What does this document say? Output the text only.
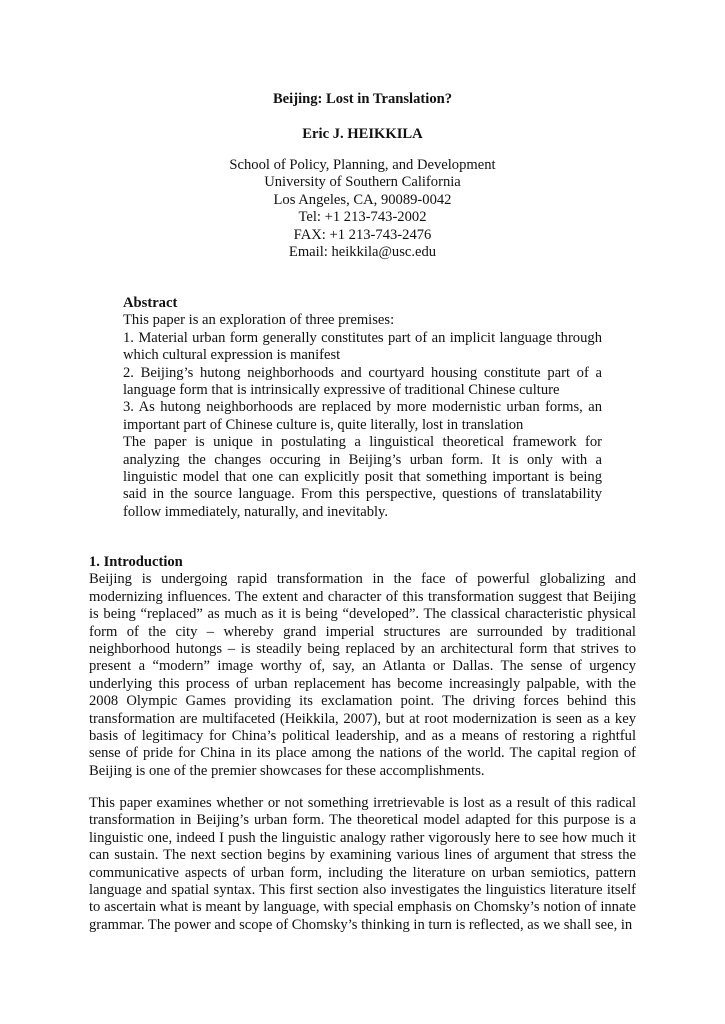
Beijing: Lost in Translation?
Eric J. HEIKKILA
School of Policy, Planning, and Development
University of Southern California
Los Angeles, CA, 90089-0042
Tel: +1 213-743-2002
FAX: +1 213-743-2476
Email: heikkila@usc.edu
Abstract

This paper is an exploration of three premises:

1. Material urban form generally constitutes part of an implicit language through which cultural expression is manifest

2. Beijing’s hutong neighborhoods and courtyard housing constitute part of a language form that is intrinsically expressive of traditional Chinese culture

3. As hutong neighborhoods are replaced by more modernistic urban forms, an important part of Chinese culture is, quite literally, lost in translation

The paper is unique in postulating a linguistical theoretical framework for analyzing the changes occuring in Beijing’s urban form. It is only with a linguistic model that one can explicitly posit that something important is being said in the source language. From this perspective, questions of translatability follow immediately, naturally, and inevitably.

1. Introduction

Beijing is undergoing rapid transformation in the face of powerful globalizing and modernizing influences. The extent and character of this transformation suggest that Beijing is being “replaced” as much as it is being “developed”. The classical characteristic physical form of the city – whereby grand imperial structures are surrounded by traditional neighborhood hutongs – is steadily being replaced by an architectural form that strives to present a “modern” image worthy of, say, an Atlanta or Dallas. The sense of urgency underlying this process of urban replacement has become increasingly palpable, with the 2008 Olympic Games providing its exclamation point. The driving forces behind this transformation are multifaceted (Heikkila, 2007), but at root modernization is seen as a key basis of legitimacy for China’s political leadership, and as a means of restoring a rightful sense of pride for China in its place among the nations of the world. The capital region of Beijing is one of the premier showcases for these accomplishments.

This paper examines whether or not something irretrievable is lost as a result of this radical transformation in Beijing’s urban form. The theoretical model adapted for this purpose is a linguistic one, indeed I push the linguistic analogy rather vigorously here to see how much it can sustain. The next section begins by examining various lines of argument that stress the communicative aspects of urban form, including the literature on urban semiotics, pattern language and spatial syntax. This first section also investigates the linguistics literature itself to ascertain what is meant by language, with special emphasis on Chomsky’s notion of innate grammar. The power and scope of Chomsky’s thinking in turn is reflected, as we shall see, in
